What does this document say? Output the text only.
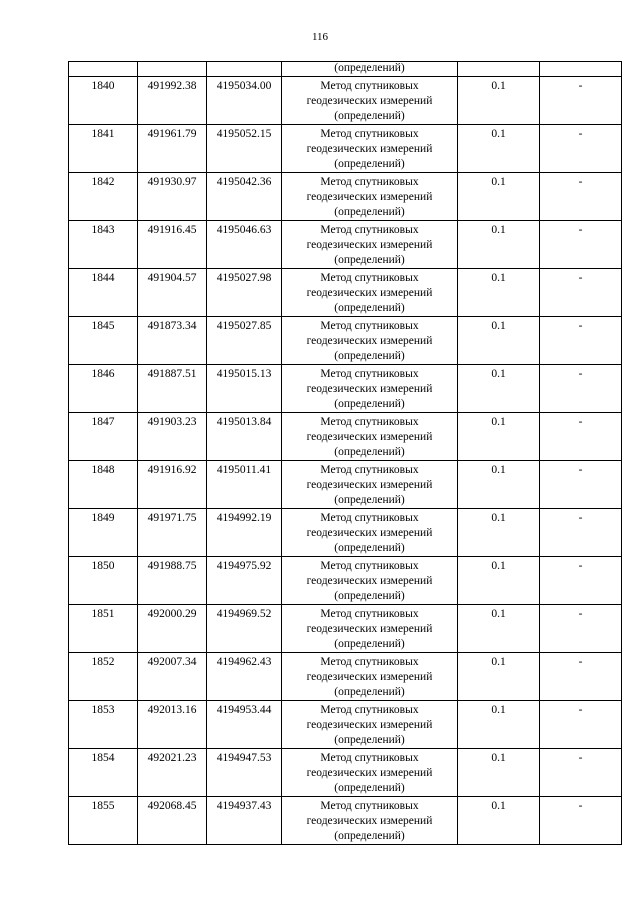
116
			(определений)		
1840	491992.38	4195034.00	Метод спутниковых геодезических измерений (определений)	0.1	-
1841	491961.79	4195052.15	Метод спутниковых геодезических измерений (определений)	0.1	-
1842	491930.97	4195042.36	Метод спутниковых геодезических измерений (определений)	0.1	-
1843	491916.45	4195046.63	Метод спутниковых геодезических измерений (определений)	0.1	-
1844	491904.57	4195027.98	Метод спутниковых геодезических измерений (определений)	0.1	-
1845	491873.34	4195027.85	Метод спутниковых геодезических измерений (определений)	0.1	-
1846	491887.51	4195015.13	Метод спутниковых геодезических измерений (определений)	0.1	-
1847	491903.23	4195013.84	Метод спутниковых геодезических измерений (определений)	0.1	-
1848	491916.92	4195011.41	Метод спутниковых геодезических измерений (определений)	0.1	-
1849	491971.75	4194992.19	Метод спутниковых геодезических измерений (определений)	0.1	-
1850	491988.75	4194975.92	Метод спутниковых геодезических измерений (определений)	0.1	-
1851	492000.29	4194969.52	Метод спутниковых геодезических измерений (определений)	0.1	-
1852	492007.34	4194962.43	Метод спутниковых геодезических измерений (определений)	0.1	-
1853	492013.16	4194953.44	Метод спутниковых геодезических измерений (определений)	0.1	-
1854	492021.23	4194947.53	Метод спутниковых геодезических измерений (определений)	0.1	-
1855	492068.45	4194937.43	Метод спутниковых геодезических измерений (определений)	0.1	-
